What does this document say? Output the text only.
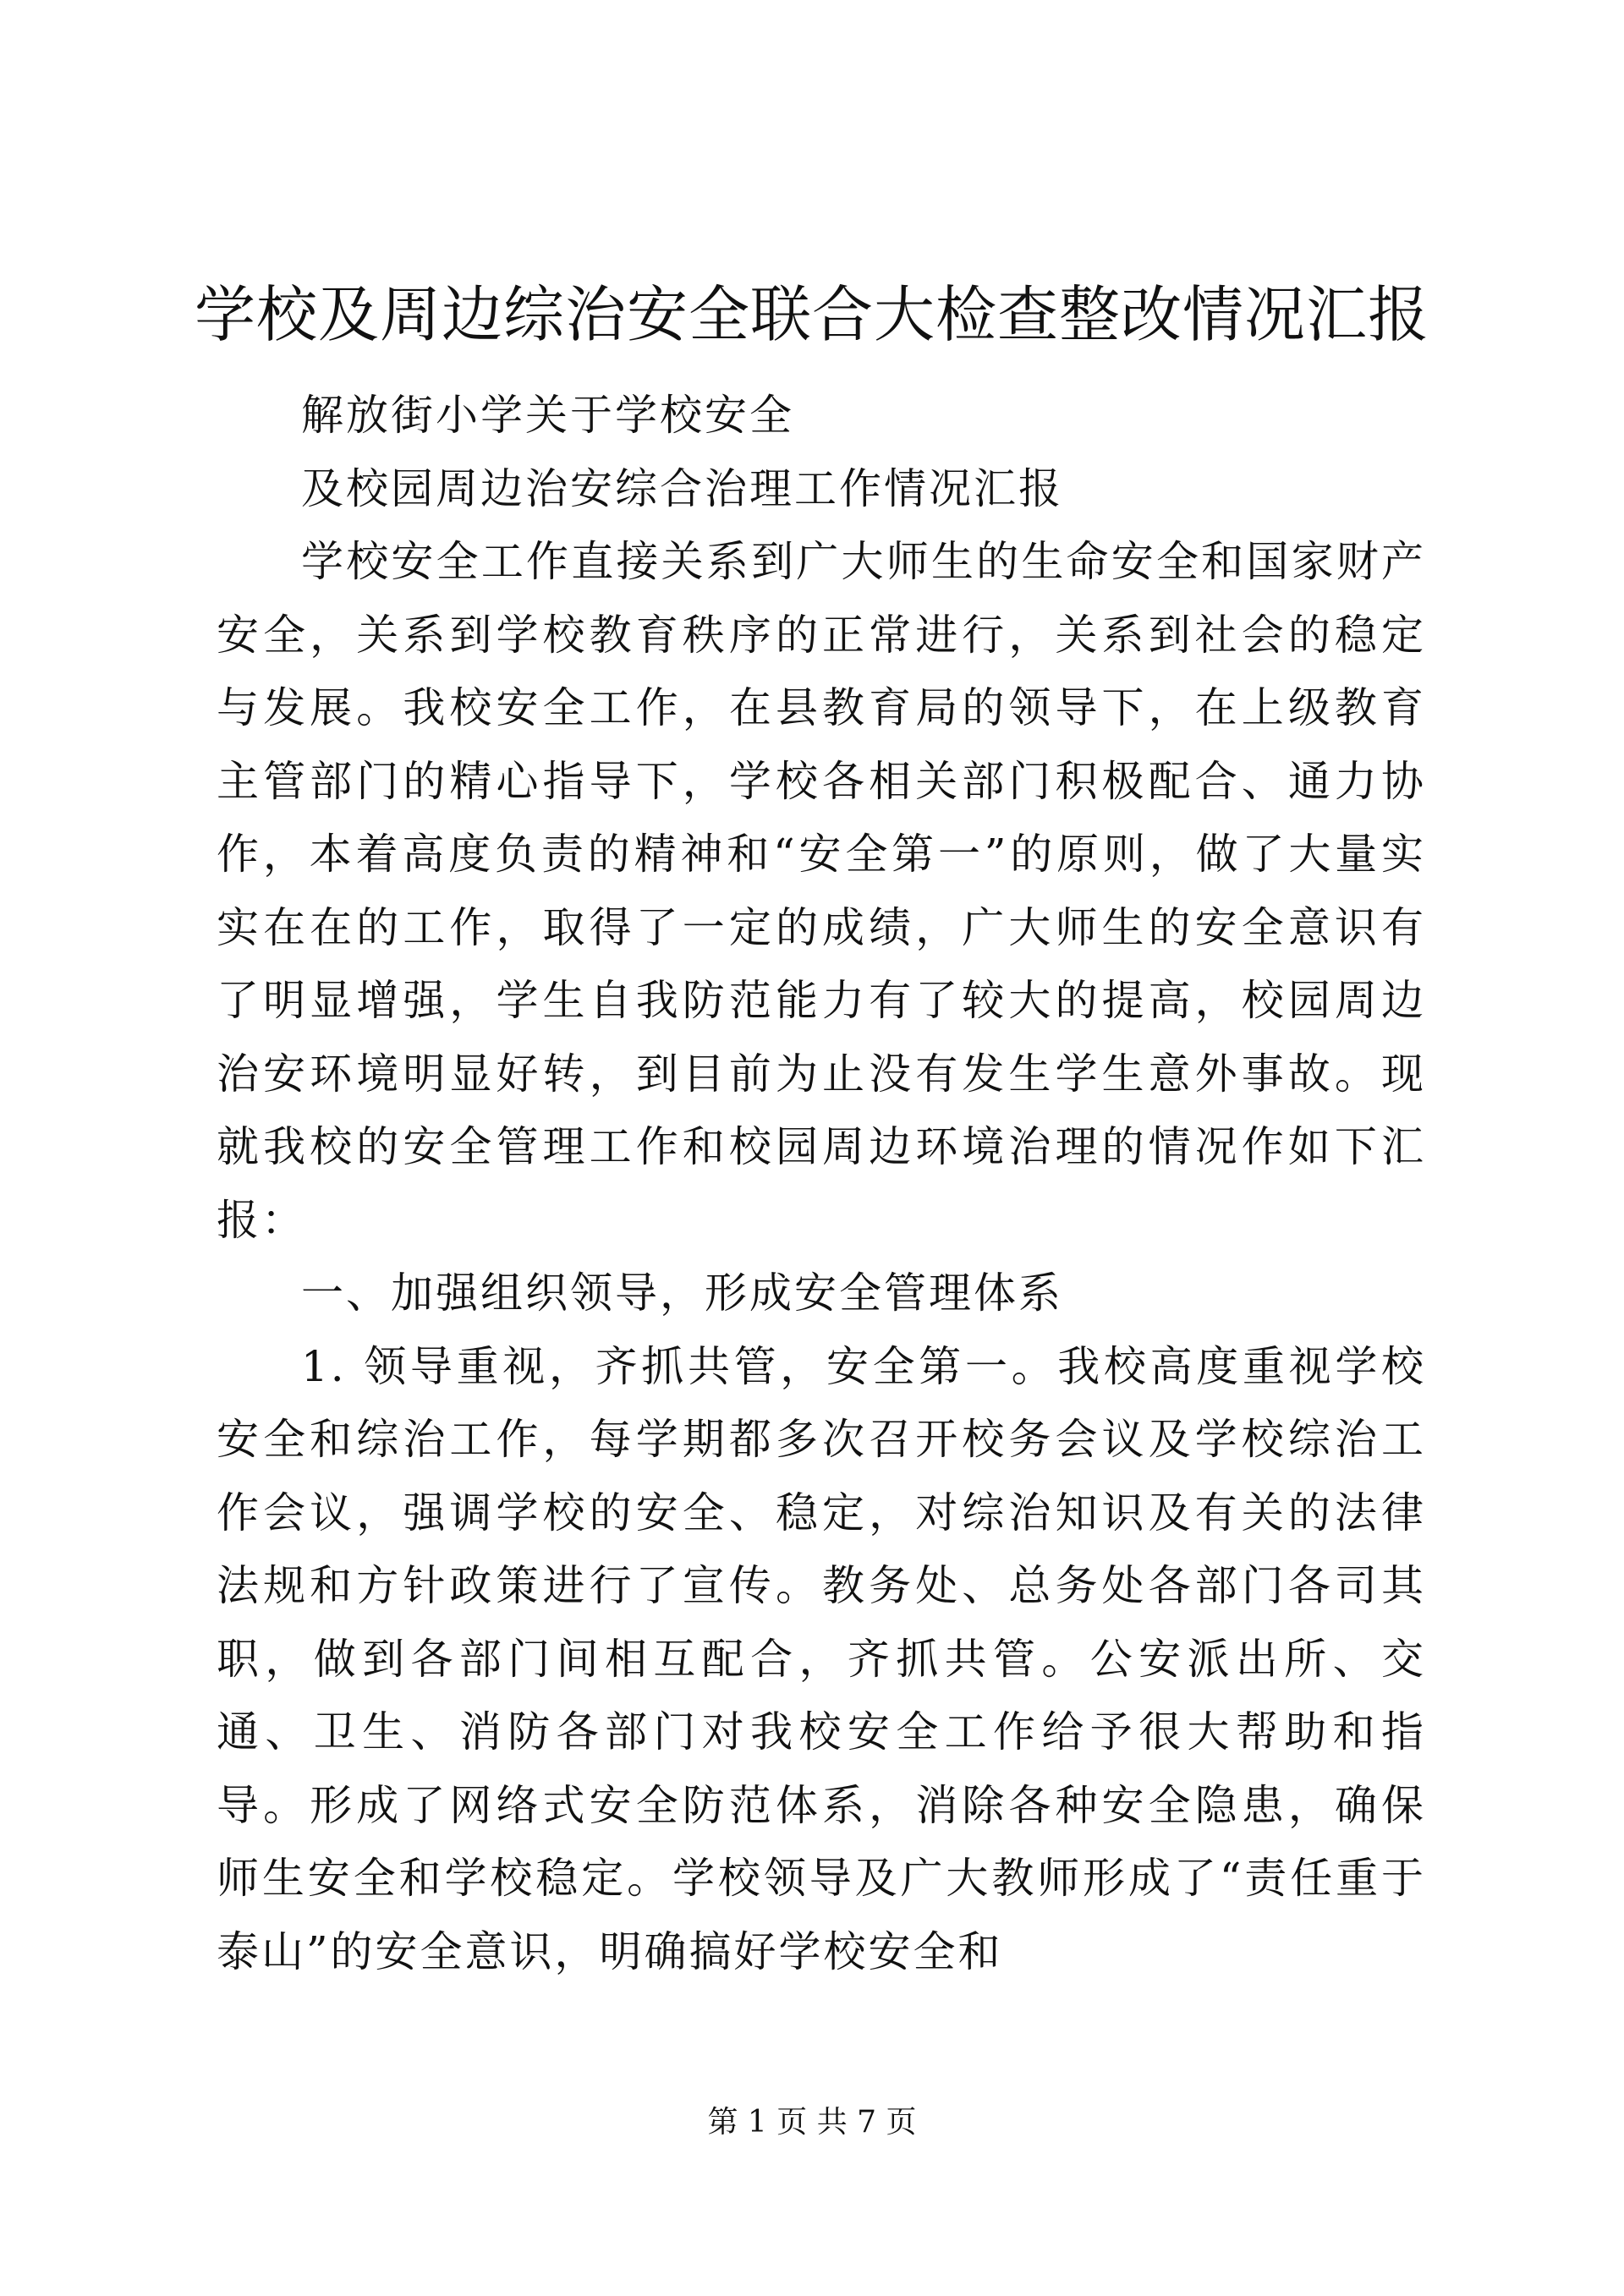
学校及周边综治安全联合大检查整改情况汇报

解放街小学关于学校安全

及校园周边治安综合治理工作情况汇报

学校安全工作直接关系到广大师生的生命安全和国家财产安全，关系到学校教育秩序的正常进行，关系到社会的稳定与发展。我校安全工作，在县教育局的领导下，在上级教育主管部门的精心指导下，学校各相关部门积极配合、通力协作，本着高度负责的精神和“安全第一”的原则，做了大量实实在在的工作，取得了一定的成绩，广大师生的安全意识有了明显增强，学生自我防范能力有了较大的提高，校园周边治安环境明显好转，到目前为止没有发生学生意外事故。现就我校的安全管理工作和校园周边环境治理的情况作如下汇报：

一、加强组织领导，形成安全管理体系

1. 领导重视，齐抓共管，安全第一。我校高度重视学校安全和综治工作，每学期都多次召开校务会议及学校综治工作会议，强调学校的安全、稳定，对综治知识及有关的法律法规和方针政策进行了宣传。教务处、总务处各部门各司其职，做到各部门间相互配合，齐抓共管。公安派出所、交通、卫生、消防各部门对我校安全工作给予很大帮助和指导。形成了网络式安全防范体系，消除各种安全隐患，确保师生安全和学校稳定。学校领导及广大教师形成了“责任重于泰山”的安全意识，明确搞好学校安全和

第 1 页 共 7 页
